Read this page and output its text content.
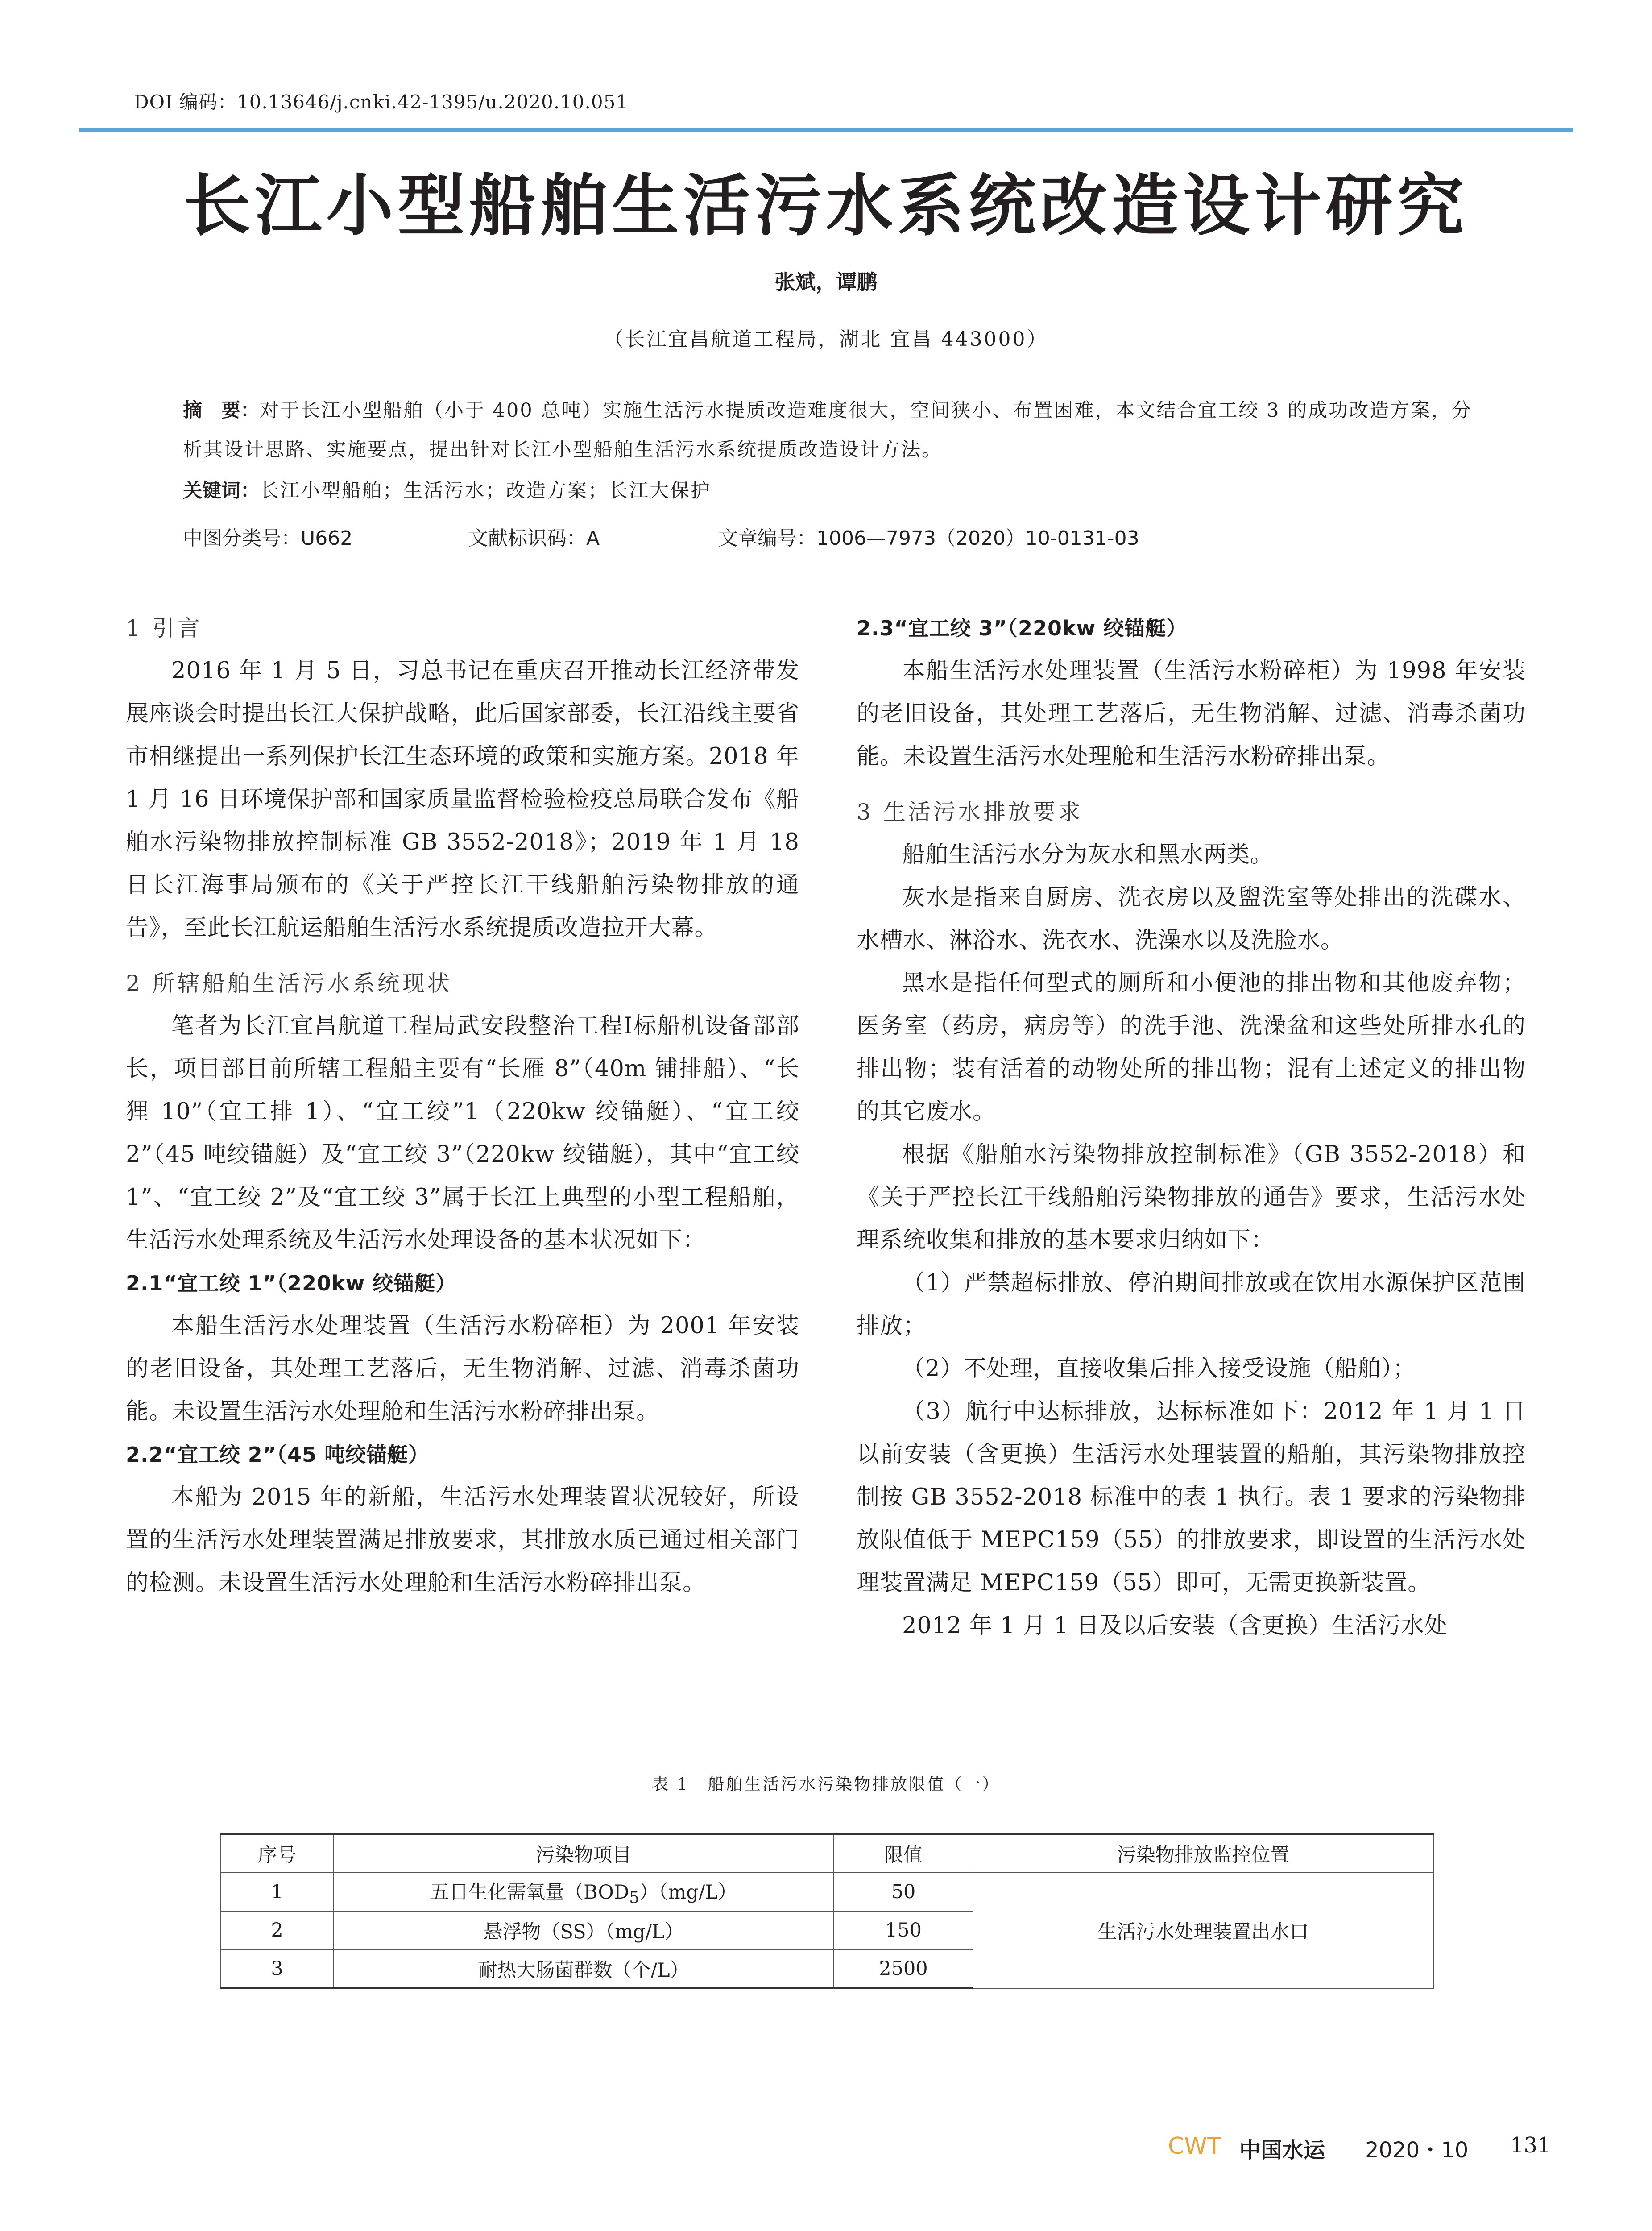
DOI 编码：10.13646/j.cnki.42-1395/u.2020.10.051
长江小型船舶生活污水系统改造设计研究
张斌，谭鹏
（长江宜昌航道工程局，湖北 宜昌 443000）
摘　要：对于长江小型船舶（小于 400 总吨）实施生活污水提质改造难度很大，空间狭小、布置困难，本文结合宜工绞 3 的成功改造方案，分析其设计思路、实施要点，提出针对长江小型船舶生活污水系统提质改造设计方法。
关键词：长江小型船舶；生活污水；改造方案；长江大保护
中图分类号：U662	文献标识码：A	文章编号：1006—7973（2020）10-0131-03

1 引言

2016 年 1 月 5 日，习总书记在重庆召开推动长江经济带发展座谈会时提出长江大保护战略，此后国家部委，长江沿线主要省市相继提出一系列保护长江生态环境的政策和实施方案。2018 年 1 月 16 日环境保护部和国家质量监督检验检疫总局联合发布《船舶水污染物排放控制标准 GB 3552-2018》；2019 年 1 月 18 日长江海事局颁布的《关于严控长江干线船舶污染物排放的通告》，至此长江航运船舶生活污水系统提质改造拉开大幕。

2 所辖船舶生活污水系统现状

笔者为长江宜昌航道工程局武安段整治工程Ⅰ标船机设备部部长，项目部目前所辖工程船主要有“长雁 8”（40m 铺排船）、“长狸 10”（宜工排 1）、“宜工绞”1（220kw 绞锚艇）、“宜工绞 2”（45 吨绞锚艇）及“宜工绞 3”（220kw 绞锚艇），其中“宜工绞 1”、“宜工绞 2”及“宜工绞 3”属于长江上典型的小型工程船舶，生活污水处理系统及生活污水处理设备的基本状况如下：

2.1“宜工绞 1”（220kw 绞锚艇）

本船生活污水处理装置（生活污水粉碎柜）为 2001 年安装的老旧设备，其处理工艺落后，无生物消解、过滤、消毒杀菌功能。未设置生活污水处理舱和生活污水粉碎排出泵。

2.2“宜工绞 2”（45 吨绞锚艇）

本船为 2015 年的新船，生活污水处理装置状况较好，所设置的生活污水处理装置满足排放要求，其排放水质已通过相关部门的检测。未设置生活污水处理舱和生活污水粉碎排出泵。

2.3“宜工绞 3”（220kw 绞锚艇）

本船生活污水处理装置（生活污水粉碎柜）为 1998 年安装的老旧设备，其处理工艺落后，无生物消解、过滤、消毒杀菌功能。未设置生活污水处理舱和生活污水粉碎排出泵。

3 生活污水排放要求

船舶生活污水分为灰水和黑水两类。

灰水是指来自厨房、洗衣房以及盥洗室等处排出的洗碟水、水槽水、淋浴水、洗衣水、洗澡水以及洗脸水。

黑水是指任何型式的厕所和小便池的排出物和其他废弃物；医务室（药房，病房等）的洗手池、洗澡盆和这些处所排水孔的排出物；装有活着的动物处所的排出物；混有上述定义的排出物的其它废水。

根据《船舶水污染物排放控制标准》（GB 3552-2018）和《关于严控长江干线船舶污染物排放的通告》要求，生活污水处理系统收集和排放的基本要求归纳如下：

（1）严禁超标排放、停泊期间排放或在饮用水源保护区范围排放；

（2）不处理，直接收集后排入接受设施（船舶）；

（3）航行中达标排放，达标标准如下：2012 年 1 月 1 日以前安装（含更换）生活污水处理装置的船舶，其污染物排放控制按 GB 3552-2018 标准中的表 1 执行。表 1 要求的污染物排放限值低于 MEPC159（55）的排放要求，即设置的生活污水处理装置满足 MEPC159（55）即可，无需更换新装置。

2012 年 1 月 1 日及以后安装（含更换）生活污水处

表 1　船舶生活污水污染物排放限值（一）
序号	污染物项目	限值	污染物排放监控位置
1	五日生化需氧量$(BOD_5)(mg/L)$	50	生活污水处理装置出水口
2	悬浮物（SS）（mg/L）	150	
3	耐热大肠菌群数（个/L）	2500	
CWT 中国水运 2020・10 131
